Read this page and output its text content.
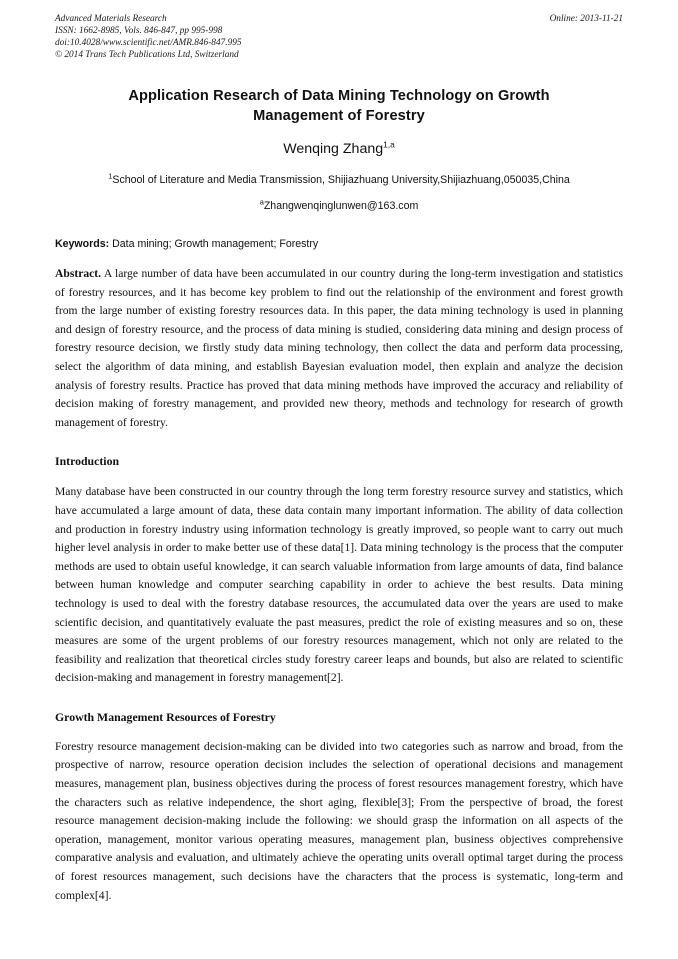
Advanced Materials Research
ISSN: 1662-8985, Vols. 846-847, pp 995-998
doi:10.4028/www.scientific.net/AMR.846-847.995
© 2014 Trans Tech Publications Ltd, Switzerland
Online: 2013-11-21
Application Research of Data Mining Technology on Growth Management of Forestry
Wenqing Zhang$^{1,a}$
$^1$School of Literature and Media Transmission, Shijiazhuang University,Shijiazhuang,050035,China
$^a$Zhangwenqinglunwen@163.com
Keywords: Data mining; Growth management; Forestry
Abstract. A large number of data have been accumulated in our country during the long-term investigation and statistics of forestry resources, and it has become key problem to find out the relationship of the environment and forest growth from the large number of existing forestry resources data. In this paper, the data mining technology is used in planning and design of forestry resource, and the process of data mining is studied, considering data mining and design process of forestry resource decision, we firstly study data mining technology, then collect the data and perform data processing, select the algorithm of data mining, and establish Bayesian evaluation model, then explain and analyze the decision analysis of forestry results. Practice has proved that data mining methods have improved the accuracy and reliability of decision making of forestry management, and provided new theory, methods and technology for research of growth management of forestry.
Introduction
Many database have been constructed in our country through the long term forestry resource survey and statistics, which have accumulated a large amount of data, these data contain many important information. The ability of data collection and production in forestry industry using information technology is greatly improved, so people want to carry out much higher level analysis in order to make better use of these data[1]. Data mining technology is the process that the computer methods are used to obtain useful knowledge, it can search valuable information from large amounts of data, find balance between human knowledge and computer searching capability in order to achieve the best results. Data mining technology is used to deal with the forestry database resources, the accumulated data over the years are used to make scientific decision, and quantitatively evaluate the past measures, predict the role of existing measures and so on, these measures are some of the urgent problems of our forestry resources management, which not only are related to the feasibility and realization that theoretical circles study forestry career leaps and bounds, but also are related to scientific decision-making and management in forestry management[2].
Growth Management Resources of Forestry
Forestry resource management decision-making can be divided into two categories such as narrow and broad, from the prospective of narrow, resource operation decision includes the selection of operational decisions and management measures, management plan, business objectives during the process of forest resources management forestry, which have the characters such as relative independence, the short aging, flexible[3]; From the perspective of broad, the forest resource management decision-making include the following: we should grasp the information on all aspects of the operation, management, monitor various operating measures, management plan, business objectives comprehensive comparative analysis and evaluation, and ultimately achieve the operating units overall optimal target during the process of forest resources management, such decisions have the characters that the process is systematic, long-term and complex[4].
